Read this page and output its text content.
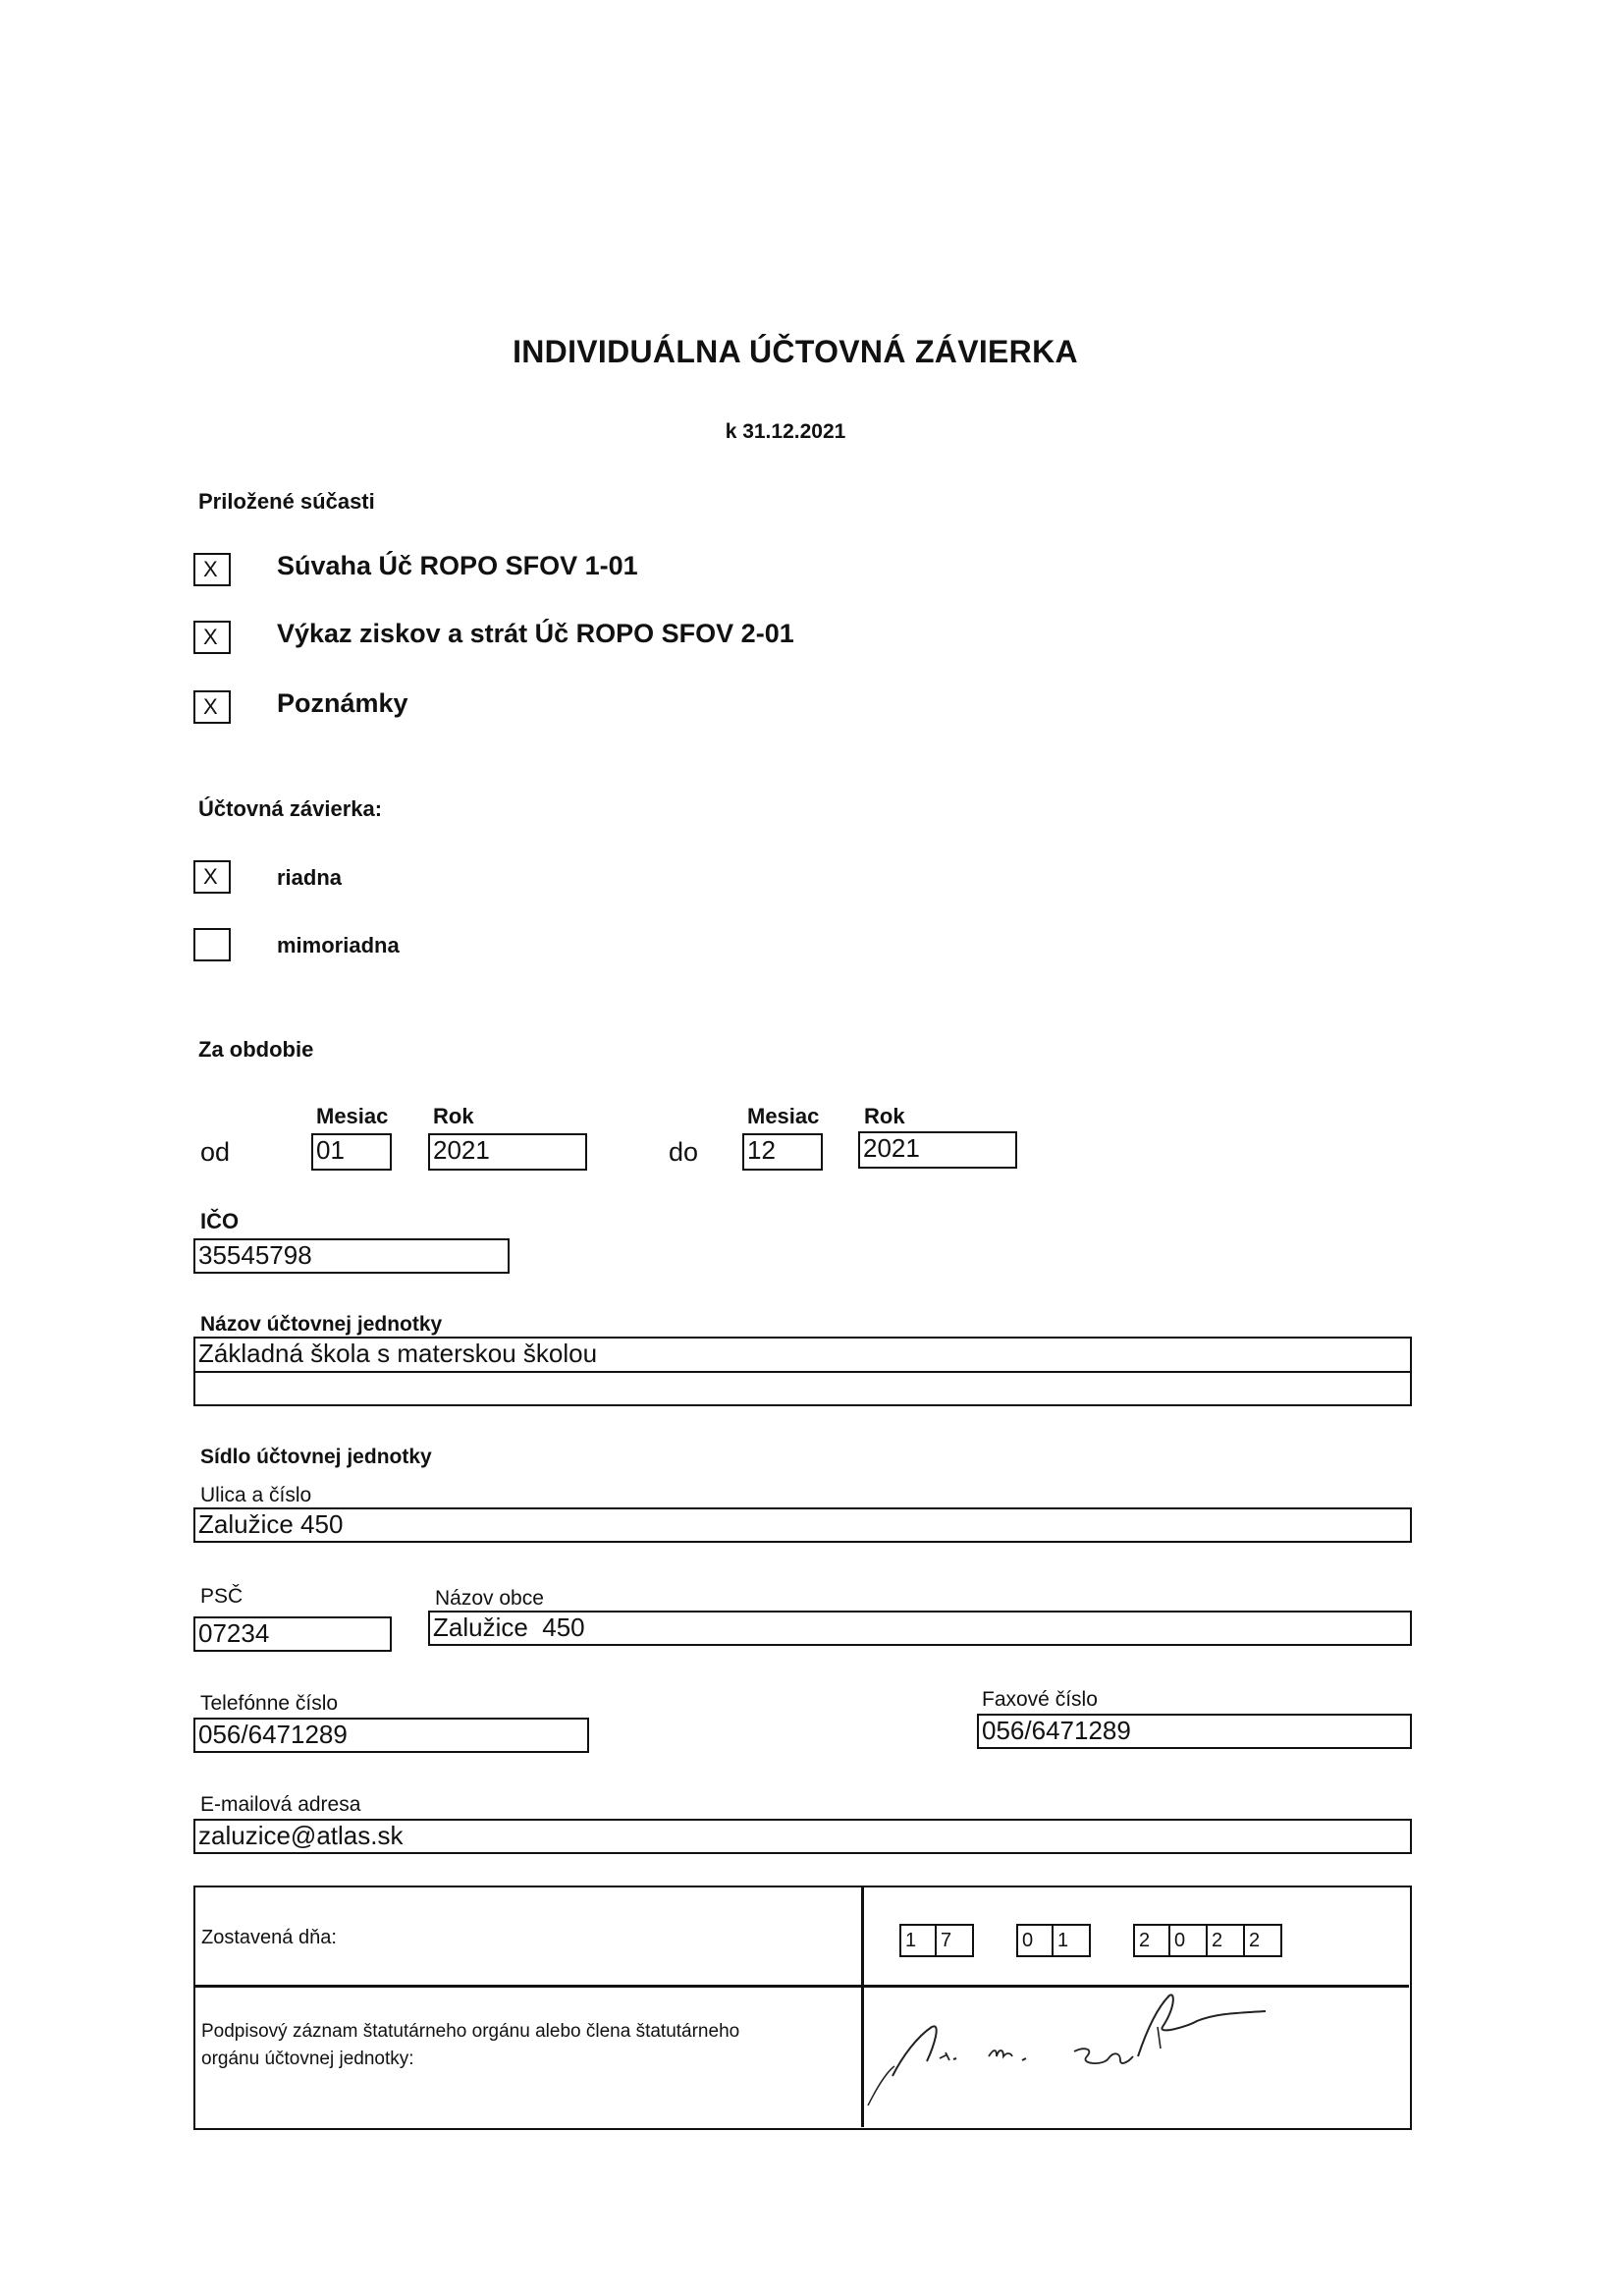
INDIVIDUÁLNA ÚČTOVNÁ ZÁVIERKA
k 31.12.2021
Priložené súčasti
X	Súvaha Úč ROPO SFOV 1-01
X	Výkaz ziskov a strát Úč ROPO SFOV 2-01
X	Poznámky
Účtovná závierka:
X	riadna
mimoriadna
Za obdobie
Mesiac Rok
od	01	2021
Mesiac Rok
do 12	2021
IČO
35545798
Názov účtovnej jednotky
Základná škola s materskou školou
Sídlo účtovnej jednotky
Ulica a číslo
Zalužice 450
PSČ
07234
Názov obce
Zalužice  450
Telefónne číslo
056/6471289
Faxové číslo
056/6471289
E-mailová adresa
zaluzice@atlas.sk
Zostavená dňa:	1	7	0	1	2	0	2	2
Podpisový záznam štatutárneho orgánu alebo člena štatutárneho
orgánu účtovnej jednotky:
